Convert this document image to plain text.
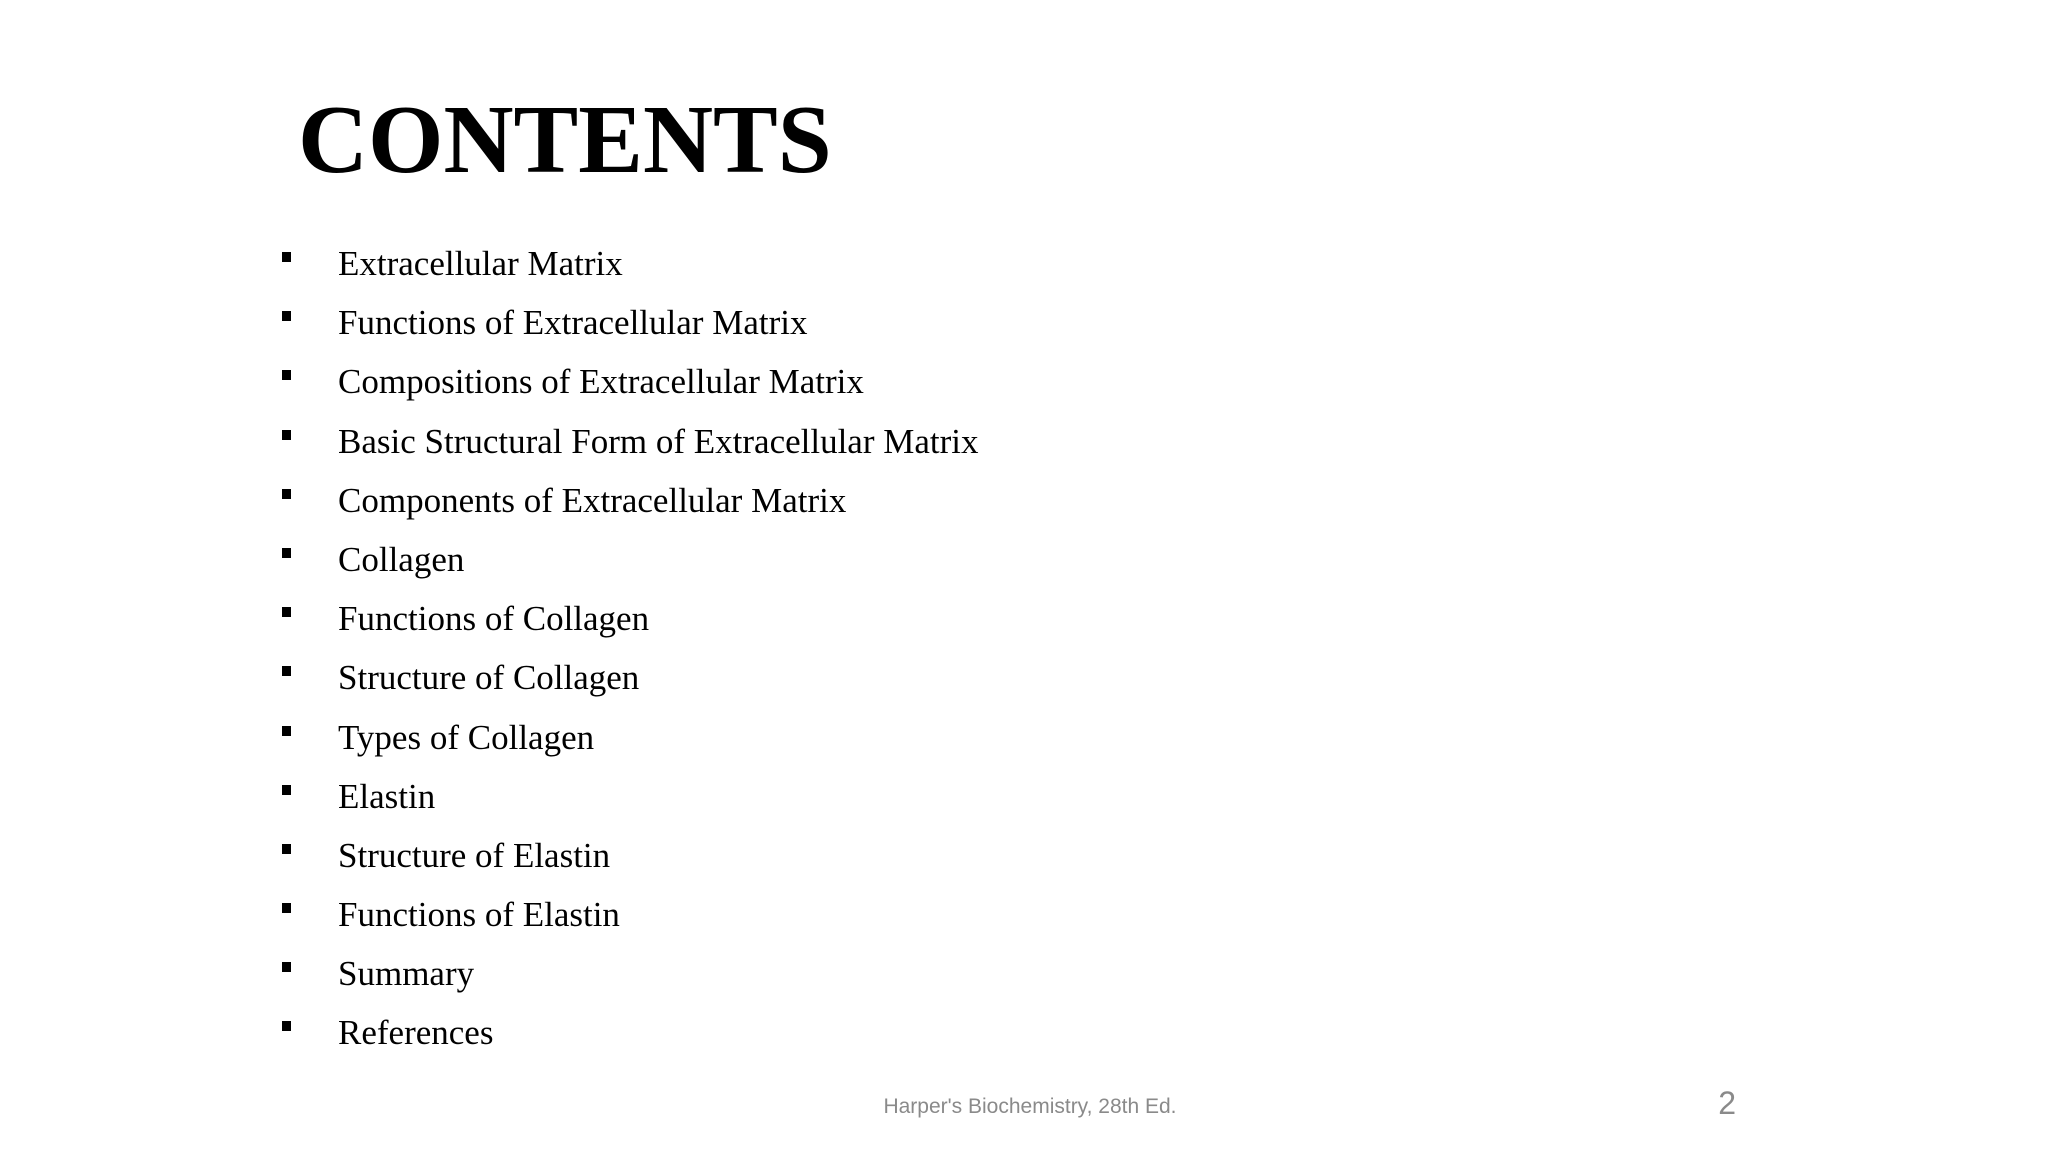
CONTENTS
Extracellular Matrix
Functions of Extracellular Matrix
Compositions of Extracellular Matrix
Basic Structural Form of Extracellular Matrix
Components of Extracellular Matrix
Collagen
Functions of Collagen
Structure of Collagen
Types of Collagen
Elastin
Structure of Elastin
Functions of Elastin
Summary
References
Harper's Biochemistry, 28th Ed.	2
